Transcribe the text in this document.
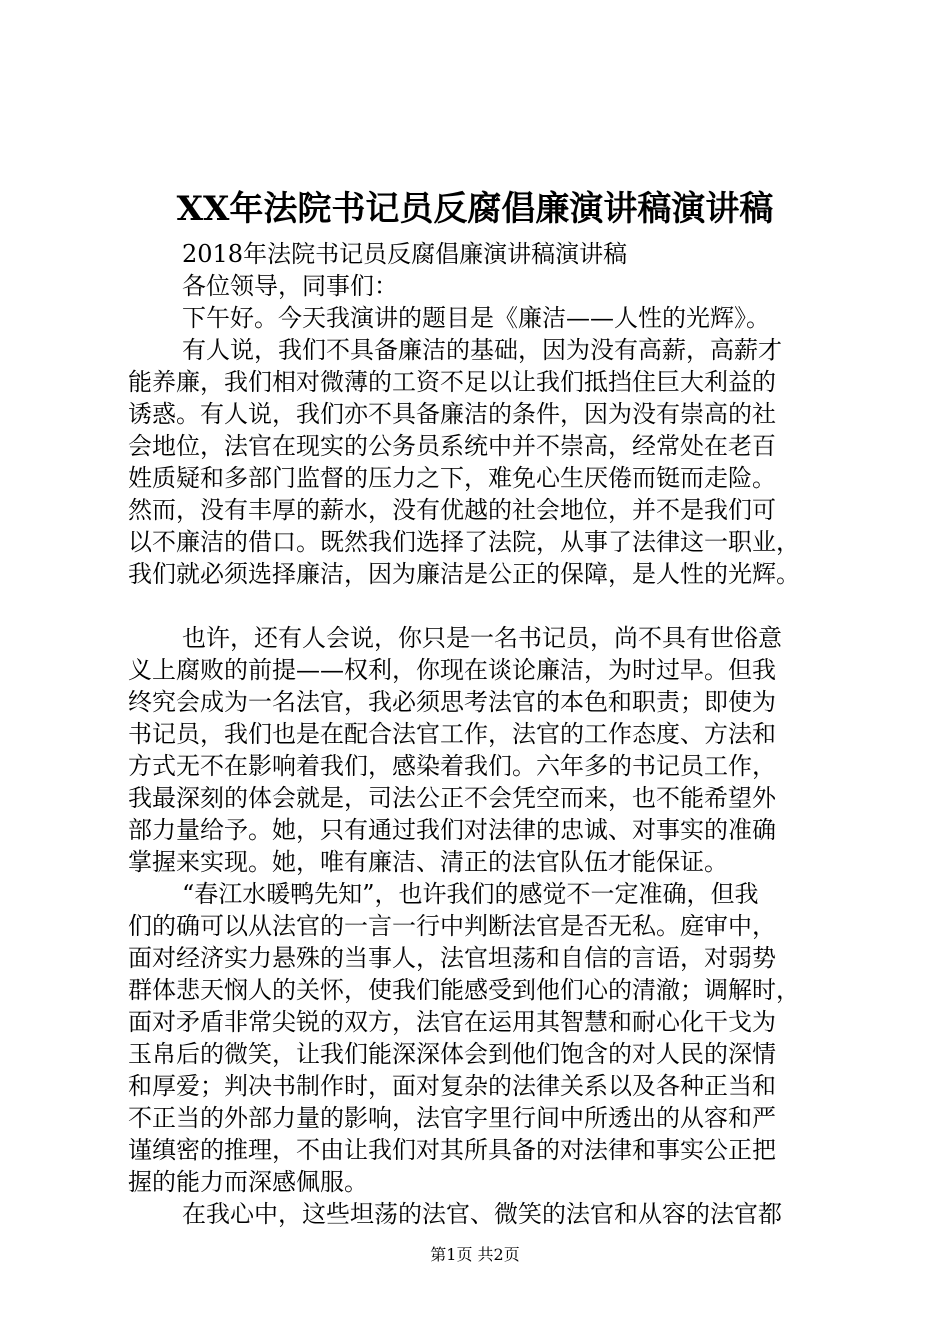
XX年法院书记员反腐倡廉演讲稿演讲稿
2018年法院书记员反腐倡廉演讲稿演讲稿
各位领导，同事们：
下午好。今天我演讲的题目是《廉洁——人性的光辉》。
有人说，我们不具备廉洁的基础，因为没有高薪，高薪才
能养廉，我们相对微薄的工资不足以让我们抵挡住巨大利益的
诱惑。有人说，我们亦不具备廉洁的条件，因为没有崇高的社
会地位，法官在现实的公务员系统中并不崇高，经常处在老百
姓质疑和多部门监督的压力之下，难免心生厌倦而铤而走险。
然而，没有丰厚的薪水，没有优越的社会地位，并不是我们可
以不廉洁的借口。既然我们选择了法院，从事了法律这一职业，
我们就必须选择廉洁，因为廉洁是公正的保障，是人性的光辉。
也许，还有人会说，你只是一名书记员，尚不具有世俗意
义上腐败的前提——权利，你现在谈论廉洁，为时过早。但我
终究会成为一名法官，我必须思考法官的本色和职责；即使为
书记员，我们也是在配合法官工作，法官的工作态度、方法和
方式无不在影响着我们，感染着我们。六年多的书记员工作，
我最深刻的体会就是，司法公正不会凭空而来，也不能希望外
部力量给予。她，只有通过我们对法律的忠诚、对事实的准确
掌握来实现。她，唯有廉洁、清正的法官队伍才能保证。
“春江水暖鸭先知”，也许我们的感觉不一定准确，但我
们的确可以从法官的一言一行中判断法官是否无私。庭审中，
面对经济实力悬殊的当事人，法官坦荡和自信的言语，对弱势
群体悲天悯人的关怀，使我们能感受到他们心的清澈；调解时，
面对矛盾非常尖锐的双方，法官在运用其智慧和耐心化干戈为
玉帛后的微笑，让我们能深深体会到他们饱含的对人民的深情
和厚爱；判决书制作时，面对复杂的法律关系以及各种正当和
不正当的外部力量的影响，法官字里行间中所透出的从容和严
谨缜密的推理，不由让我们对其所具备的对法律和事实公正把
握的能力而深感佩服。
在我心中，这些坦荡的法官、微笑的法官和从容的法官都
第1页 共2页
